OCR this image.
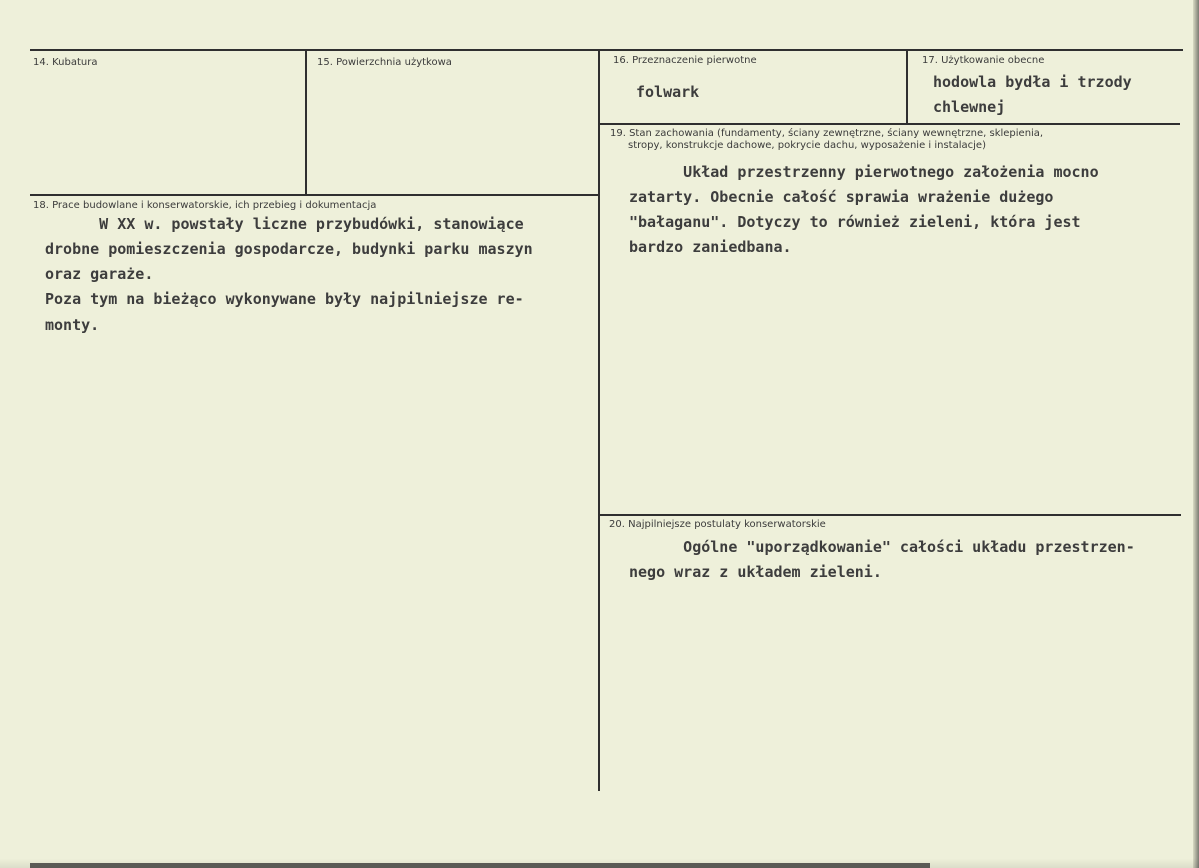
14. Kubatura	15. Powierzchnia użytkowa	16. Przeznaczenie pierwotne
folwark
17. Użytkowanie obecne
hodowla bydła i trzody
chlewnej
18. Prace budowlane i konserwatorskie, ich przebieg i dokumentacja
W XX w. powstały liczne przybudówki, stanowiące
drobne pomieszczenia gospodarcze, budynki parku maszyn
oraz garaże.
Poza tym na bieżąco wykonywane były najpilniejsze re-
monty.
19. Stan zachowania (fundamenty, ściany zewnętrzne, ściany wewnętrzne, sklepienia,
stropy, konstrukcje dachowe, pokrycie dachu, wyposażenie i instalacje)
Układ przestrzenny pierwotnego założenia mocno
zatarty. Obecnie całość sprawia wrażenie dużego
"bałaganu". Dotyczy to również zieleni, która jest
bardzo zaniedbana.
20. Najpilniejsze postulaty konserwatorskie
Ogólne "uporządkowanie" całości układu przestrzen-
nego wraz z układem zieleni.
